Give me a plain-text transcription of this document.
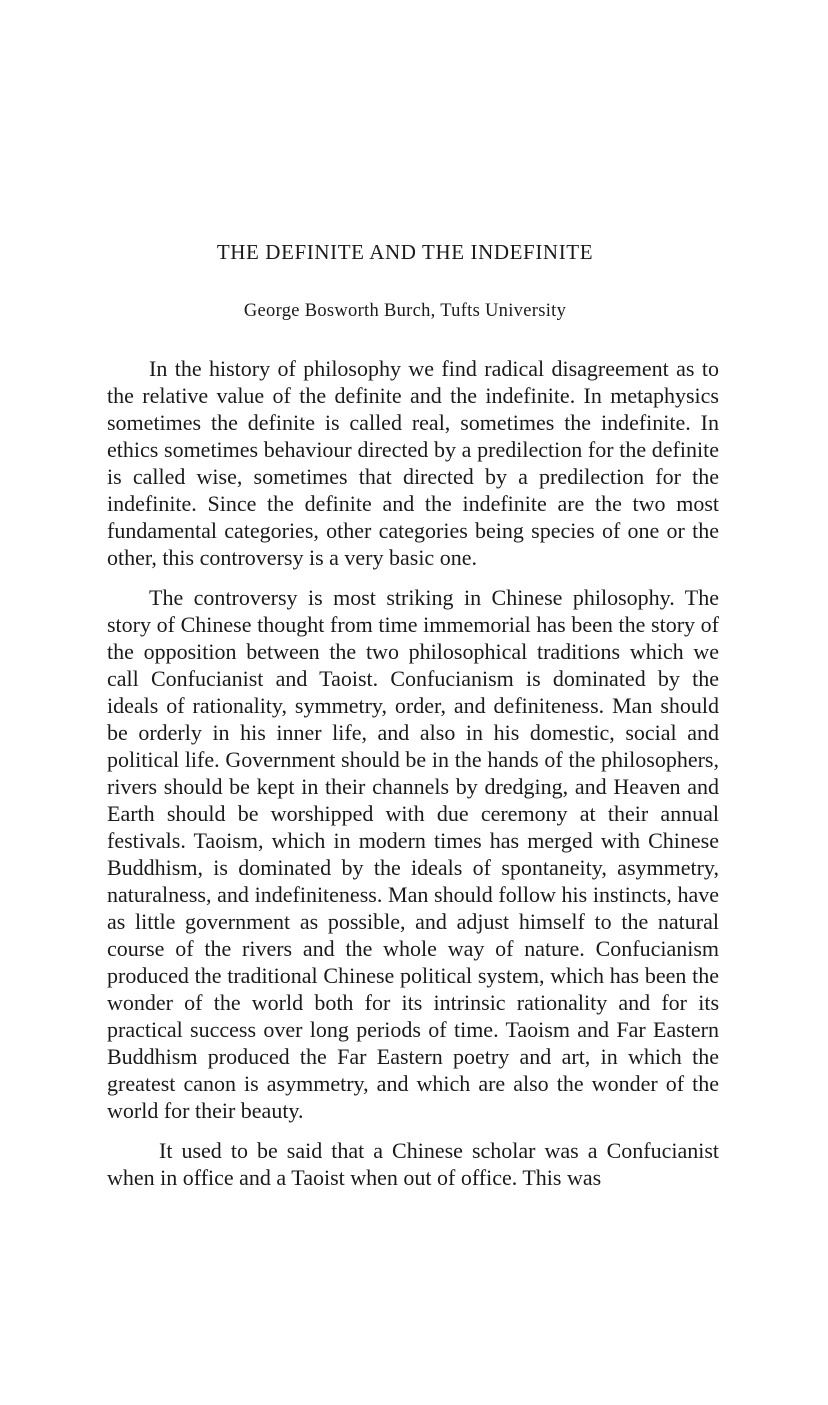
THE DEFINITE AND THE INDEFINITE

George Bosworth Burch, Tufts University

In the history of philosophy we find radical disagreement as to the relative value of the definite and the indefinite. In metaphysics sometimes the definite is called real, sometimes the indefinite. In ethics sometimes behaviour directed by a predilection for the definite is called wise, sometimes that directed by a predilection for the indefinite. Since the definite and the indefinite are the two most fundamental categories, other categories being species of one or the other, this controversy is a very basic one.

The controversy is most striking in Chinese philosophy. The story of Chinese thought from time immemorial has been the story of the opposition between the two philosophical traditions which we call Confucianist and Taoist. Confucianism is dominated by the ideals of rationality, symmetry, order, and definiteness. Man should be orderly in his inner life, and also in his domestic, social and political life. Government should be in the hands of the philosophers, rivers should be kept in their channels by dredging, and Heaven and Earth should be worshipped with due ceremony at their annual festivals. Taoism, which in modern times has merged with Chinese Buddhism, is dominated by the ideals of spontaneity, asymmetry, naturalness, and indefiniteness. Man should follow his instincts, have as little government as possible, and adjust himself to the natural course of the rivers and the whole way of nature. Confucianism produced the traditional Chinese political system, which has been the wonder of the world both for its intrinsic rationality and for its practical success over long periods of time. Taoism and Far Eastern Buddhism produced the Far Eastern poetry and art, in which the greatest canon is asymmetry, and which are also the wonder of the world for their beauty.

It used to be said that a Chinese scholar was a Confucianist when in office and a Taoist when out of office. This was
